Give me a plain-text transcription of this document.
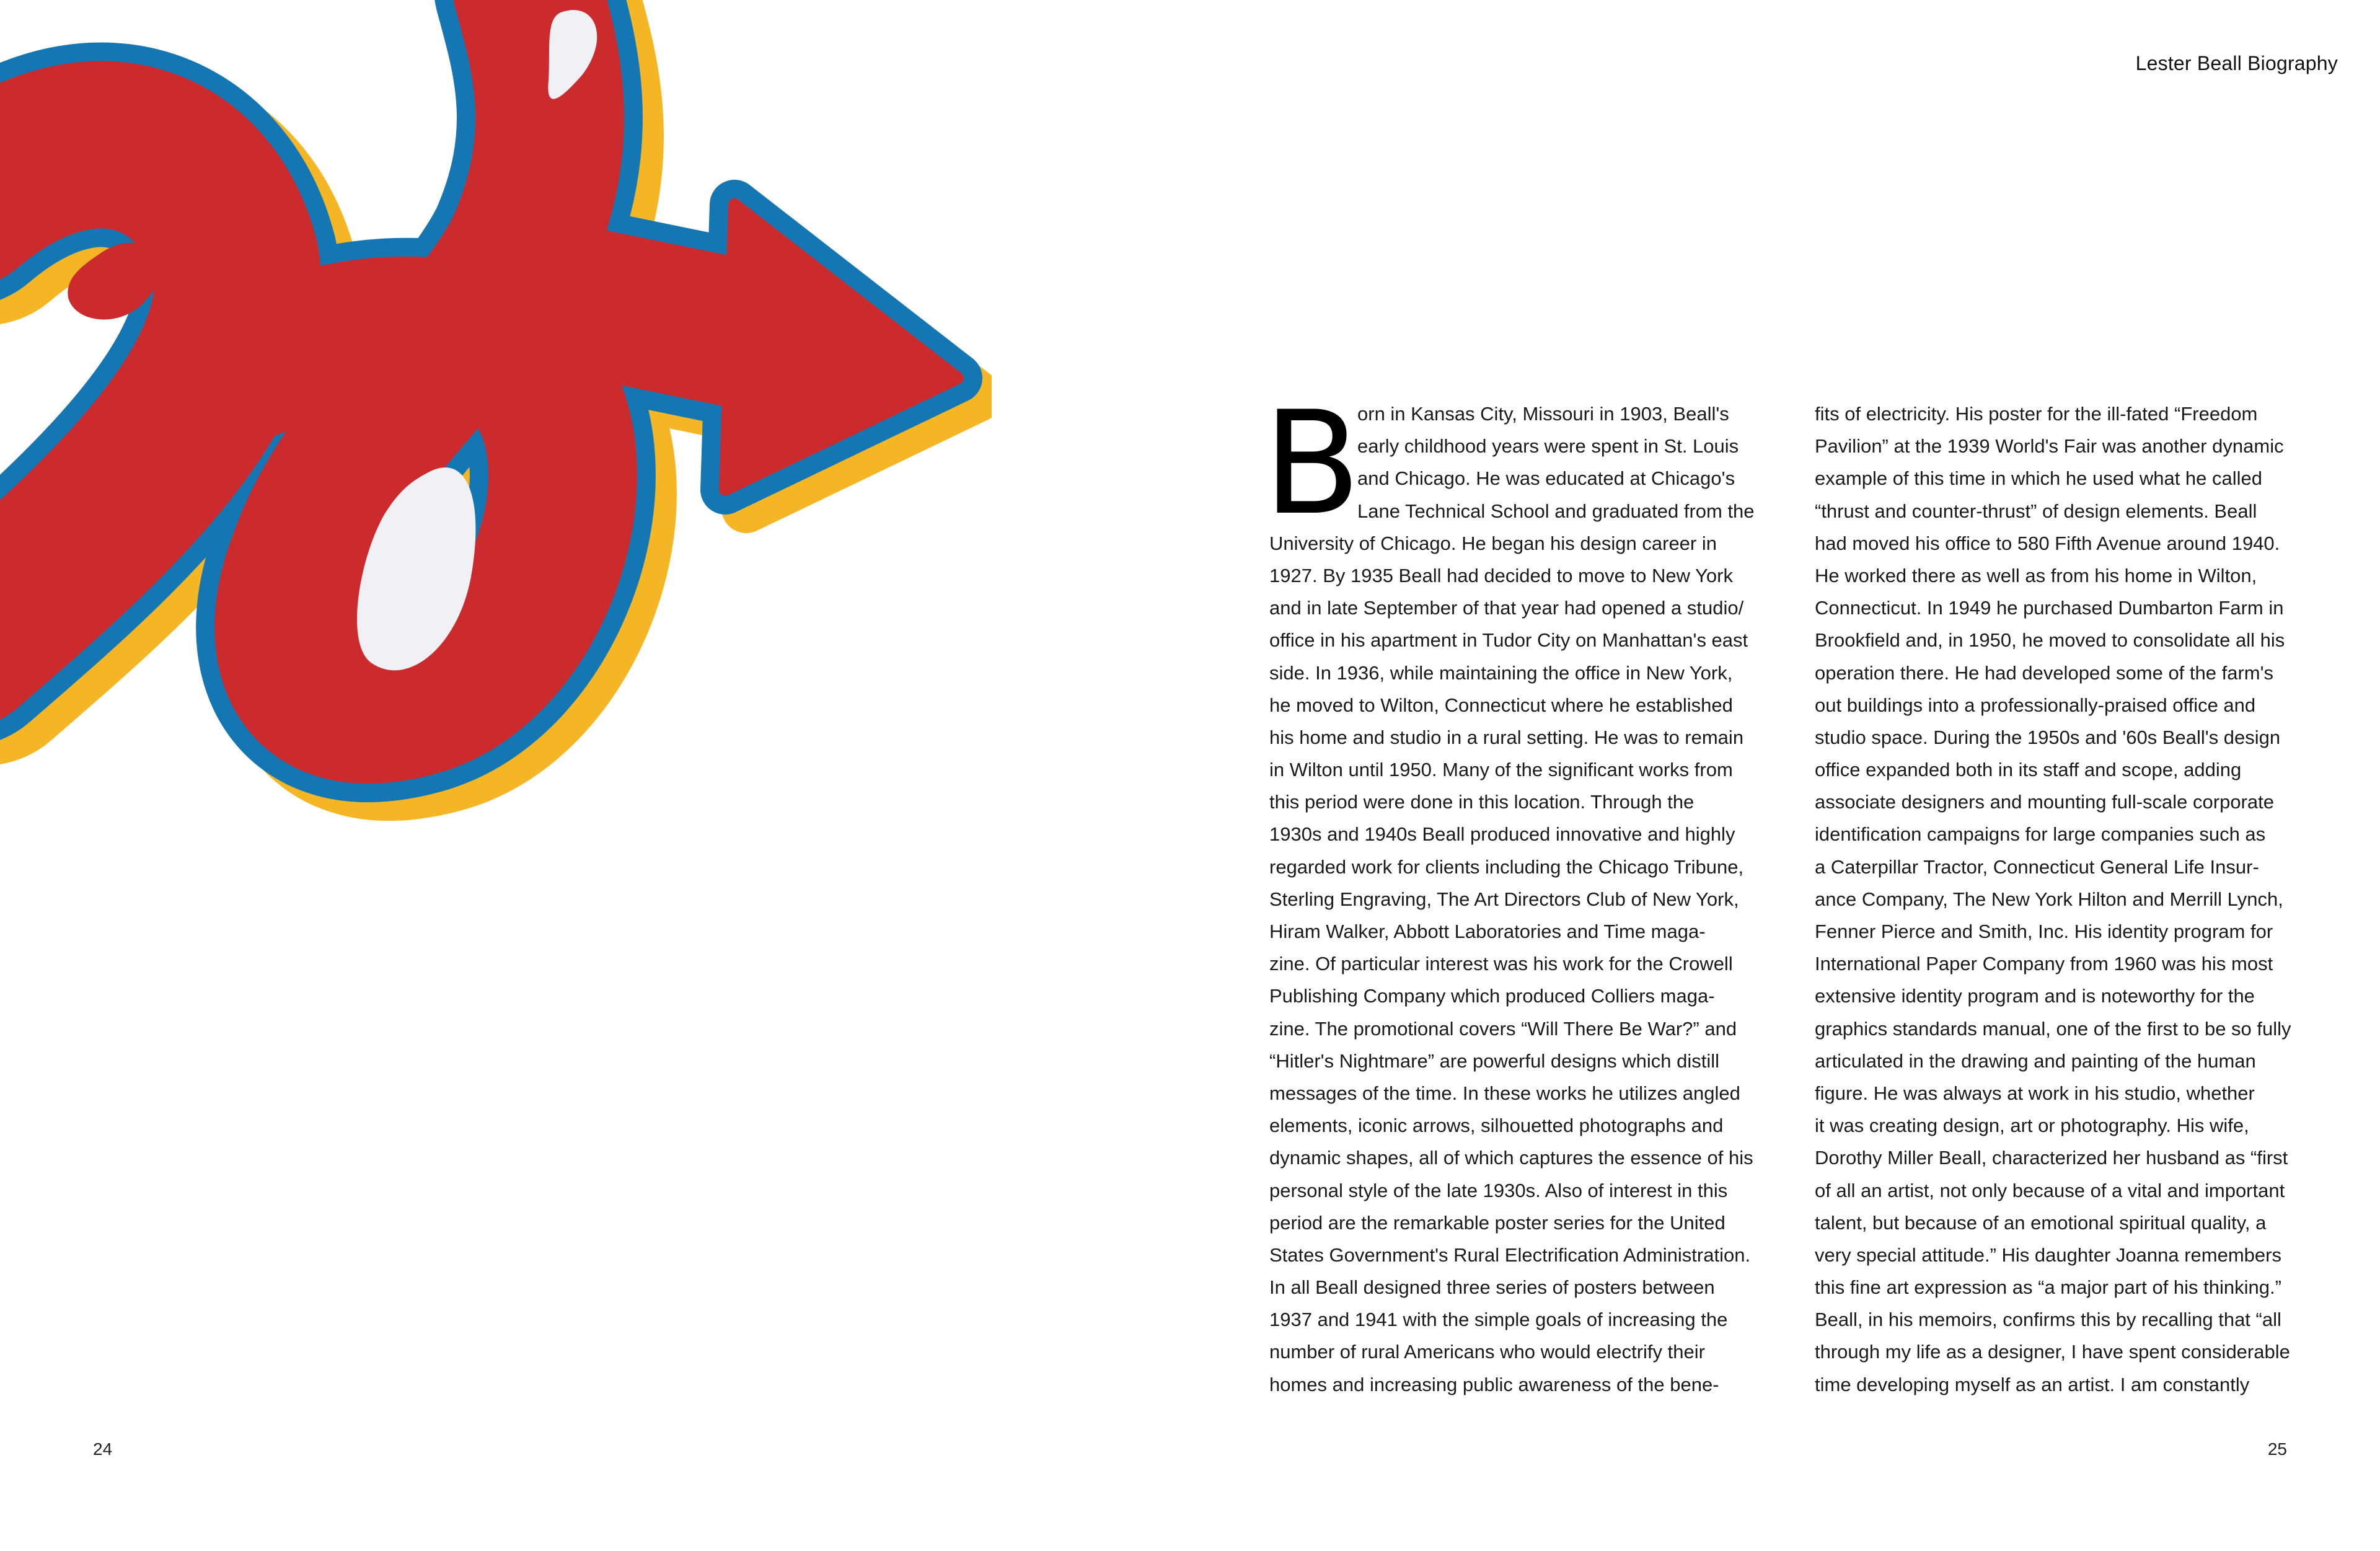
Lester Beall Biography
B
orn in Kansas City, Missouri in 1903, Beall's
early childhood years were spent in St. Louis
and Chicago. He was educated at Chicago's
Lane Technical School and graduated from the
University of Chicago. He began his design career in
1927. By 1935 Beall had decided to move to New York
and in late September of that year had opened a studio/
office in his apartment in Tudor City on Manhattan's east
side. In 1936, while maintaining the office in New York,
he moved to Wilton, Connecticut where he established
his home and studio in a rural setting. He was to remain
in Wilton until 1950. Many of the significant works from
this period were done in this location. Through the
1930s and 1940s Beall produced innovative and highly
regarded work for clients including the Chicago Tribune,
Sterling Engraving, The Art Directors Club of New York,
Hiram Walker, Abbott Laboratories and Time maga-
zine. Of particular interest was his work for the Crowell
Publishing Company which produced Colliers maga-
zine. The promotional covers “Will There Be War?” and
“Hitler's Nightmare” are powerful designs which distill
messages of the time. In these works he utilizes angled
elements, iconic arrows, silhouetted photographs and
dynamic shapes, all of which captures the essence of his
personal style of the late 1930s. Also of interest in this
period are the remarkable poster series for the United
States Government's Rural Electrification Administration.
In all Beall designed three series of posters between
1937 and 1941 with the simple goals of increasing the
number of rural Americans who would electrify their
homes and increasing public awareness of the bene-
fits of electricity. His poster for the ill-fated “Freedom
Pavilion” at the 1939 World's Fair was another dynamic
example of this time in which he used what he called
“thrust and counter-thrust” of design elements. Beall
had moved his office to 580 Fifth Avenue around 1940.
He worked there as well as from his home in Wilton,
Connecticut. In 1949 he purchased Dumbarton Farm in
Brookfield and, in 1950, he moved to consolidate all his
operation there. He had developed some of the farm's
out buildings into a professionally-praised office and
studio space. During the 1950s and '60s Beall's design
office expanded both in its staff and scope, adding
associate designers and mounting full-scale corporate
identification campaigns for large companies such as
a Caterpillar Tractor, Connecticut General Life Insur-
ance Company, The New York Hilton and Merrill Lynch,
Fenner Pierce and Smith, Inc. His identity program for
International Paper Company from 1960 was his most
extensive identity program and is noteworthy for the
graphics standards manual, one of the first to be so fully
articulated in the drawing and painting of the human
figure. He was always at work in his studio, whether
it was creating design, art or photography. His wife,
Dorothy Miller Beall, characterized her husband as “first
of all an artist, not only because of a vital and important
talent, but because of an emotional spiritual quality, a
very special attitude.” His daughter Joanna remembers
this fine art expression as “a major part of his thinking.”
Beall, in his memoirs, confirms this by recalling that “all
through my life as a designer, I have spent considerable
time developing myself as an artist. I am constantly
24	25
